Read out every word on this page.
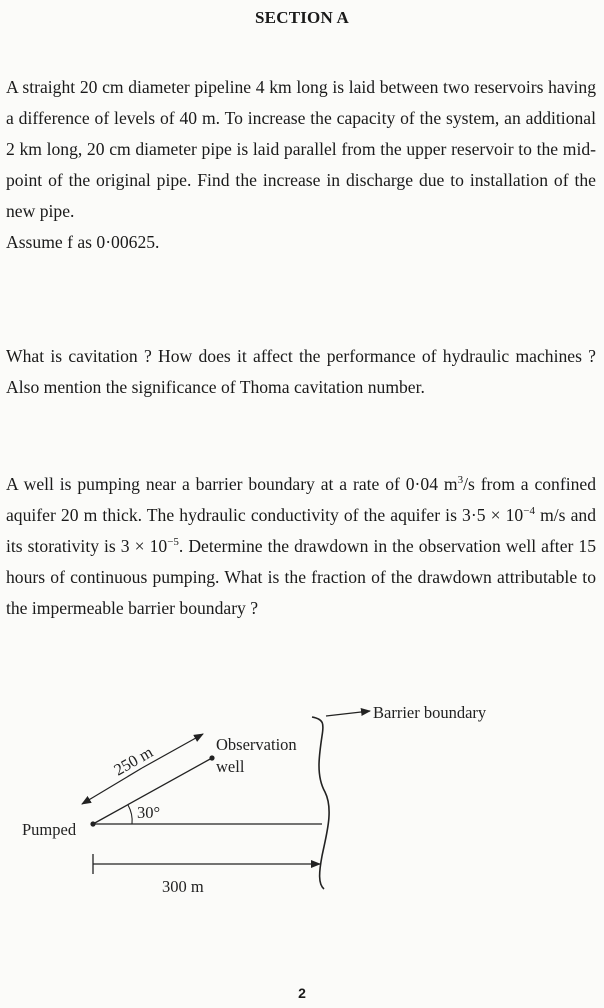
SECTION A

A straight 20 cm diameter pipeline 4 km long is laid between two reservoirs having a difference of levels of 40 m. To increase the capacity of the system, an additional 2 km long, 20 cm diameter pipe is laid parallel from the upper reservoir to the mid-point of the original pipe. Find the increase in discharge due to installation of the new pipe.

Assume f as 0·00625.

What is cavitation ? How does it affect the performance of hydraulic machines ? Also mention the significance of Thoma cavitation number.

A well is pumping near a barrier boundary at a rate of 0·04 $m^3/s$ from a confined aquifer 20 m thick. The hydraulic conductivity of the aquifer is $3\cdot 5 \times 10^{-4}$ m/s and its storativity is $3 \times 10^{-5}$. Determine the drawdown in the observation well after 15 hours of continuous pumping. What is the fraction of the drawdown attributable to the impermeable barrier boundary ?

Barrier boundary
Observation
well
250 m
30°
Pumped
300 m
2
